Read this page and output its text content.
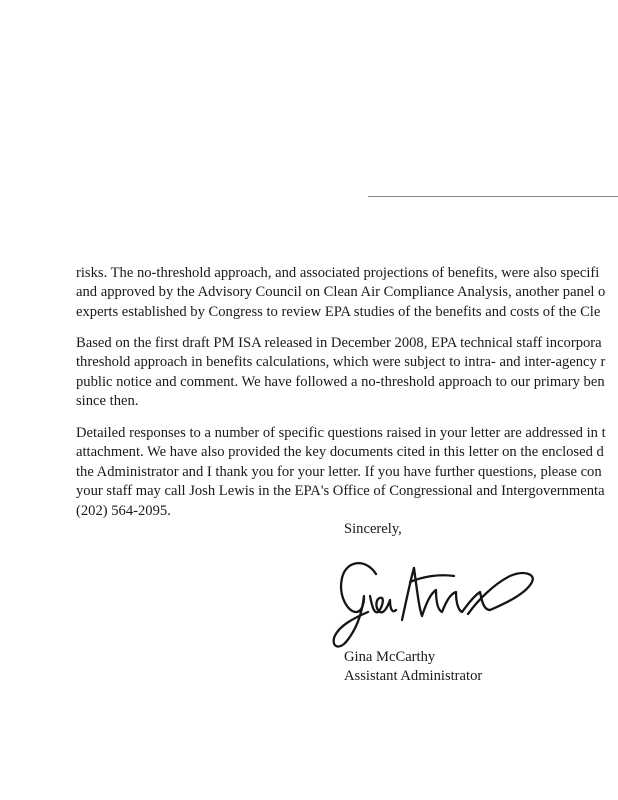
risks. The no-threshold approach, and associated projections of benefits, were also specifi
and approved by the Advisory Council on Clean Air Compliance Analysis, another panel o
experts established by Congress to review EPA studies of the benefits and costs of the Cle

Based on the first draft PM ISA released in December 2008, EPA technical staff incorpora
threshold approach in benefits calculations, which were subject to intra- and inter-agency r
public notice and comment. We have followed a no-threshold approach to our primary ben
since then.

Detailed responses to a number of specific questions raised in your letter are addressed in t
attachment. We have also provided the key documents cited in this letter on the enclosed d
the Administrator and I thank you for your letter. If you have further questions, please con
your staff may call Josh Lewis in the EPA's Office of Congressional and Intergovernmenta
(202) 564-2095.

Sincerely,
Gina McCarthy
Assistant Administrator
